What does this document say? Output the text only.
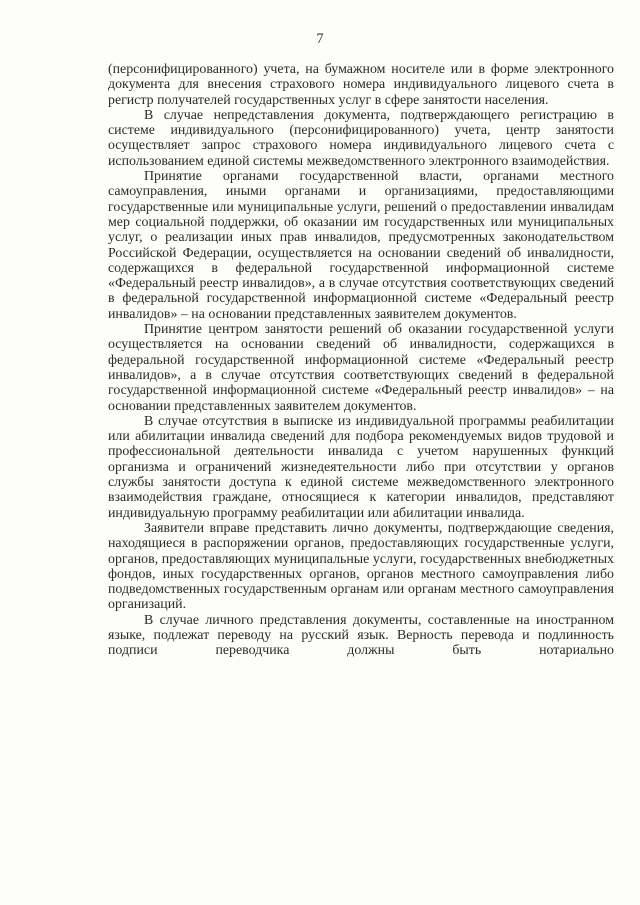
7

(персонифицированного) учета, на бумажном носителе или в форме электронного документа для внесения страхового номера индивидуального лицевого счета в регистр получателей государственных услуг в сфере занятости населения.

В случае непредставления документа, подтверждающего регистрацию в системе индивидуального (персонифицированного) учета, центр занятости осуществляет запрос страхового номера индивидуального лицевого счета с использованием единой системы межведомственного электронного взаимодействия.

Принятие органами государственной власти, органами местного самоуправления, иными органами и организациями, предоставляющими государственные или муниципальные услуги, решений о предоставлении инвалидам мер социальной поддержки, об оказании им государственных или муниципальных услуг, о реализации иных прав инвалидов, предусмотренных законодательством Российской Федерации, осуществляется на основании сведений об инвалидности, содержащихся в федеральной государственной информационной системе «Федеральный реестр инвалидов», а в случае отсутствия соответствующих сведений в федеральной государственной информационной системе «Федеральный реестр инвалидов» – на основании представленных заявителем документов.

Принятие центром занятости решений об оказании государственной услуги осуществляется на основании сведений об инвалидности, содержащихся в федеральной государственной информационной системе «Федеральный реестр инвалидов», а в случае отсутствия соответствующих сведений в федеральной государственной информационной системе «Федеральный реестр инвалидов» – на основании представленных заявителем документов.

В случае отсутствия в выписке из индивидуальной программы реабилитации или абилитации инвалида сведений для подбора рекомендуемых видов трудовой и профессиональной деятельности инвалида с учетом нарушенных функций организма и ограничений жизнедеятельности либо при отсутствии у органов службы занятости доступа к единой системе межведомственного электронного взаимодействия граждане, относящиеся к категории инвалидов, представляют индивидуальную программу реабилитации или абилитации инвалида.

Заявители вправе представить лично документы, подтверждающие сведения, находящиеся в распоряжении органов, предоставляющих государственные услуги, органов, предоставляющих муниципальные услуги, государственных внебюджетных фондов, иных государственных органов, органов местного самоуправления либо подведомственных государственным органам или органам местного самоуправления организаций.

В случае личного представления документы, составленные на иностранном языке, подлежат переводу на русский язык. Верность перевода и подлинность подписи переводчика должны быть нотариально
